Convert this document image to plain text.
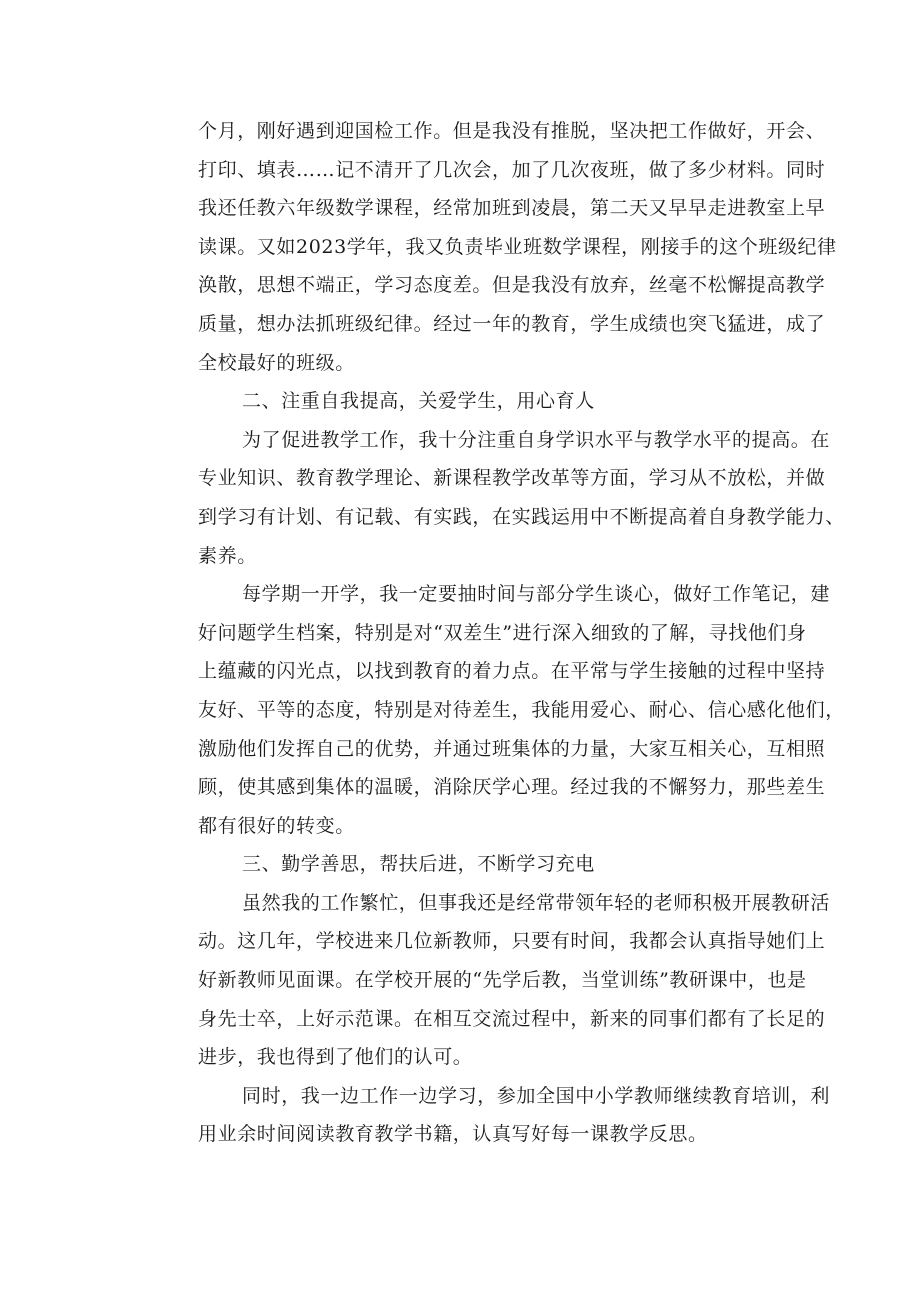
个月，刚好遇到迎国检工作。但是我没有推脱，坚决把工作做好，开会、
打印、填表……记不清开了几次会，加了几次夜班，做了多少材料。同时
我还任教六年级数学课程，经常加班到凌晨，第二天又早早走进教室上早
读课。又如2023学年，我又负责毕业班数学课程，刚接手的这个班级纪律
涣散，思想不端正，学习态度差。但是我没有放弃，丝毫不松懈提高教学
质量，想办法抓班级纪律。经过一年的教育，学生成绩也突飞猛进，成了
全校最好的班级。
二、注重自我提高，关爱学生，用心育人
为了促进教学工作，我十分注重自身学识水平与教学水平的提高。在
专业知识、教育教学理论、新课程教学改革等方面，学习从不放松，并做
到学习有计划、有记载、有实践，在实践运用中不断提高着自身教学能力、
素养。
每学期一开学，我一定要抽时间与部分学生谈心，做好工作笔记，建
好问题学生档案，特别是对“双差生”进行深入细致的了解，寻找他们身
上蕴藏的闪光点，以找到教育的着力点。在平常与学生接触的过程中坚持
友好、平等的态度，特别是对待差生，我能用爱心、耐心、信心感化他们，
激励他们发挥自己的优势，并通过班集体的力量，大家互相关心，互相照
顾，使其感到集体的温暖，消除厌学心理。经过我的不懈努力，那些差生
都有很好的转变。
三、勤学善思，帮扶后进，不断学习充电
虽然我的工作繁忙，但事我还是经常带领年轻的老师积极开展教研活
动。这几年，学校进来几位新教师，只要有时间，我都会认真指导她们上
好新教师见面课。在学校开展的“先学后教，当堂训练”教研课中，也是
身先士卒，上好示范课。在相互交流过程中，新来的同事们都有了长足的
进步，我也得到了他们的认可。
同时，我一边工作一边学习，参加全国中小学教师继续教育培训，利
用业余时间阅读教育教学书籍，认真写好每一课教学反思。
